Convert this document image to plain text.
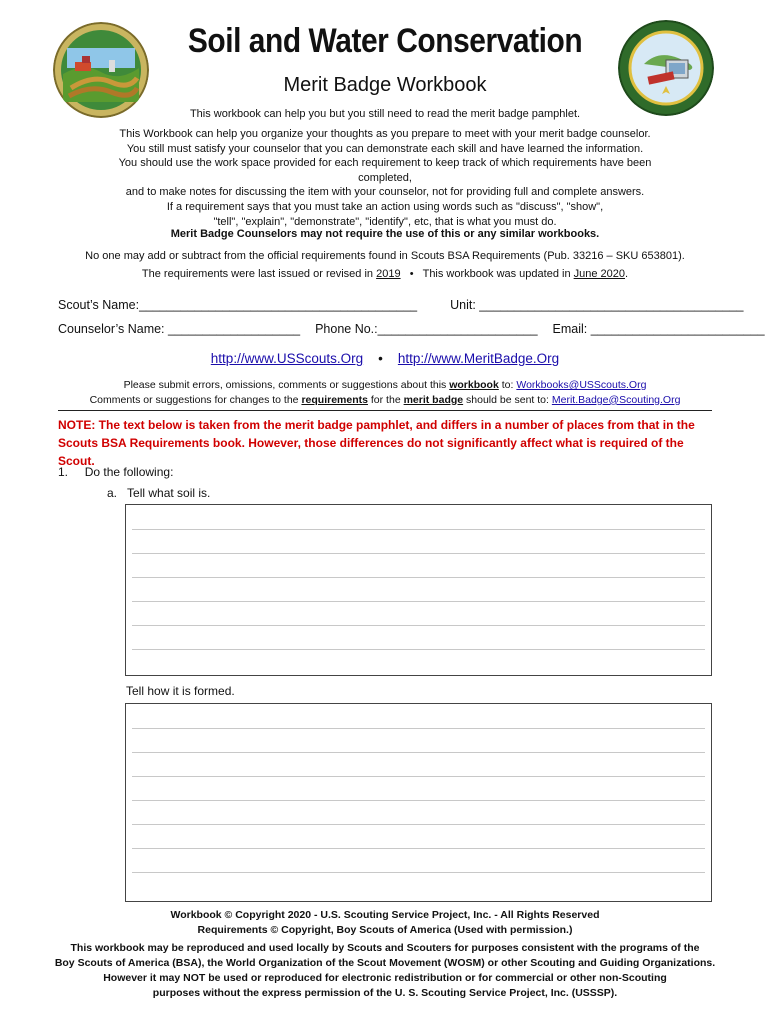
Soil and Water Conservation
Merit Badge Workbook
This workbook can help you but you still need to read the merit badge pamphlet.
This Workbook can help you organize your thoughts as you prepare to meet with your merit badge counselor.
You still must satisfy your counselor that you can demonstrate each skill and have learned the information.
You should use the work space provided for each requirement to keep track of which requirements have been completed,
and to make notes for discussing the item with your counselor, not for providing full and complete answers.
If a requirement says that you must take an action using words such as "discuss", "show",
"tell", "explain", "demonstrate", "identify", etc, that is what you must do.
Merit Badge Counselors may not require the use of this or any similar workbooks.
No one may add or subtract from the official requirements found in Scouts BSA Requirements (Pub. 33216 – SKU 653801).
The requirements were last issued or revised in 2019 • This workbook was updated in June 2020.
Scout’s Name:________________________________________	Unit: ______________________________________
Counselor’s Name: ___________________ Phone No.:_______________________ Email: _________________________
http://www.USScouts.Org • http://www.MeritBadge.Org
Please submit errors, omissions, comments or suggestions about this workbook to: Workbooks@USScouts.Org
Comments or suggestions for changes to the requirements for the merit badge should be sent to: Merit.Badge@Scouting.Org
NOTE: The text below is taken from the merit badge pamphlet, and differs in a number of places from that in the Scouts BSA Requirements book. However, those differences do not significantly affect what is required of the Scout.
1. Do the following:
a. Tell what soil is.
Tell how it is formed.
Workbook © Copyright 2020 - U.S. Scouting Service Project, Inc. - All Rights Reserved
Requirements © Copyright, Boy Scouts of America (Used with permission.)
This workbook may be reproduced and used locally by Scouts and Scouters for purposes consistent with the programs of the
Boy Scouts of America (BSA), the World Organization of the Scout Movement (WOSM) or other Scouting and Guiding Organizations.
However it may NOT be used or reproduced for electronic redistribution or for commercial or other non-Scouting
purposes without the express permission of the U. S. Scouting Service Project, Inc. (USSSP).
